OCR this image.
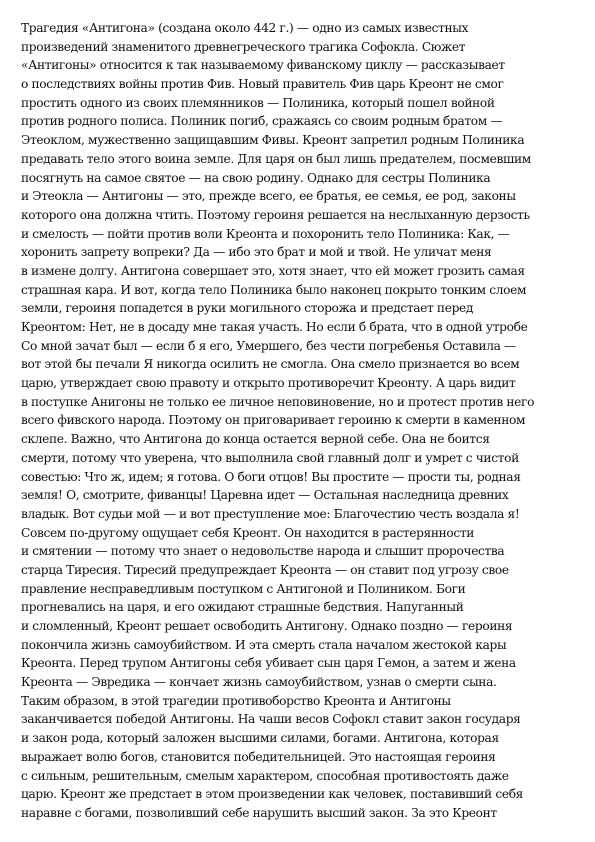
Трагедия «Антигона» (создана около 442 г.) — одно из самых известных
произведений знаменитого древнегреческого трагика Софокла. Сюжет
«Антигоны» относится к так называемому фиванскому циклу — рассказывает
о последствиях войны против Фив. Новый правитель Фив царь Креонт не смог
простить одного из своих племянников — Полиника, который пошел войной
против родного полиса. Полиник погиб, сражаясь со своим родным братом —
Этеоклом, мужественно защищавшим Фивы. Креонт запретил родным Полиника
предавать тело этого воина земле. Для царя он был лишь предателем, посмевшим
посягнуть на самое святое — на свою родину. Однако для сестры Полиника
и Этеокла — Антигоны — это, прежде всего, ее братья, ее семья, ее род, законы
которого она должна чтить. Поэтому героиня решается на неслыханную дерзость
и смелость — пойти против воли Креонта и похоронить тело Полиника: Как, —
хоронить запрету вопреки? Да — ибо это брат и мой и твой. Не уличат меня
в измене долгу. Антигона совершает это, хотя знает, что ей может грозить самая
страшная кара. И вот, когда тело Полиника было наконец покрыто тонким слоем
земли, героиня попадется в руки могильного сторожа и предстает перед
Креонтом: Нет, не в досаду мне такая участь. Но если б брата, что в одной утробе
Со мной зачат был — если б я его, Умершего, без чести погребенья Оставила —
вот этой бы печали Я никогда осилить не смогла. Она смело признается во всем
царю, утверждает свою правоту и открыто противоречит Креонту. А царь видит
в поступке Анигоны не только ее личное неповиновение, но и протест против него
всего фивского народа. Поэтому он приговаривает героиню к смерти в каменном
склепе. Важно, что Антигона до конца остается верной себе. Она не боится
смерти, потому что уверена, что выполнила свой главный долг и умрет с чистой
совестью: Что ж, идем; я готова. О боги отцов! Вы простите — прости ты, родная
земля! О, смотрите, фиванцы! Царевна идет — Остальная наследница древних
владык. Вот судьи мой — и вот преступление мое: Благочестию честь воздала я!
Совсем по-другому ощущает себя Креонт. Он находится в растерянности
и смятении — потому что знает о недовольстве народа и слышит пророчества
старца Тиресия. Тиресий предупреждает Креонта — он ставит под угрозу свое
правление несправедливым поступком с Антигоной и Полиником. Боги
прогневались на царя, и его ожидают страшные бедствия. Напуганный
и сломленный, Креонт решает освободить Антигону. Однако поздно — героиня
покончила жизнь самоубийством. И эта смерть стала началом жестокой кары
Креонта. Перед трупом Антигоны себя убивает сын царя Гемон, а затем и жена
Креонта — Эвредика — кончает жизнь самоубийством, узнав о смерти сына.
Таким образом, в этой трагедии противоборство Креонта и Антигоны
заканчивается победой Антигоны. На чаши весов Софокл ставит закон государя
и закон рода, который заложен высшими силами, богами. Антигона, которая
выражает волю богов, становится победительницей. Это настоящая героиня
с сильным, решительным, смелым характером, способная противостоять даже
царю. Креонт же предстает в этом произведении как человек, поставивший себя
наравне с богами, позволивший себе нарушить высший закон. За это Креонт
